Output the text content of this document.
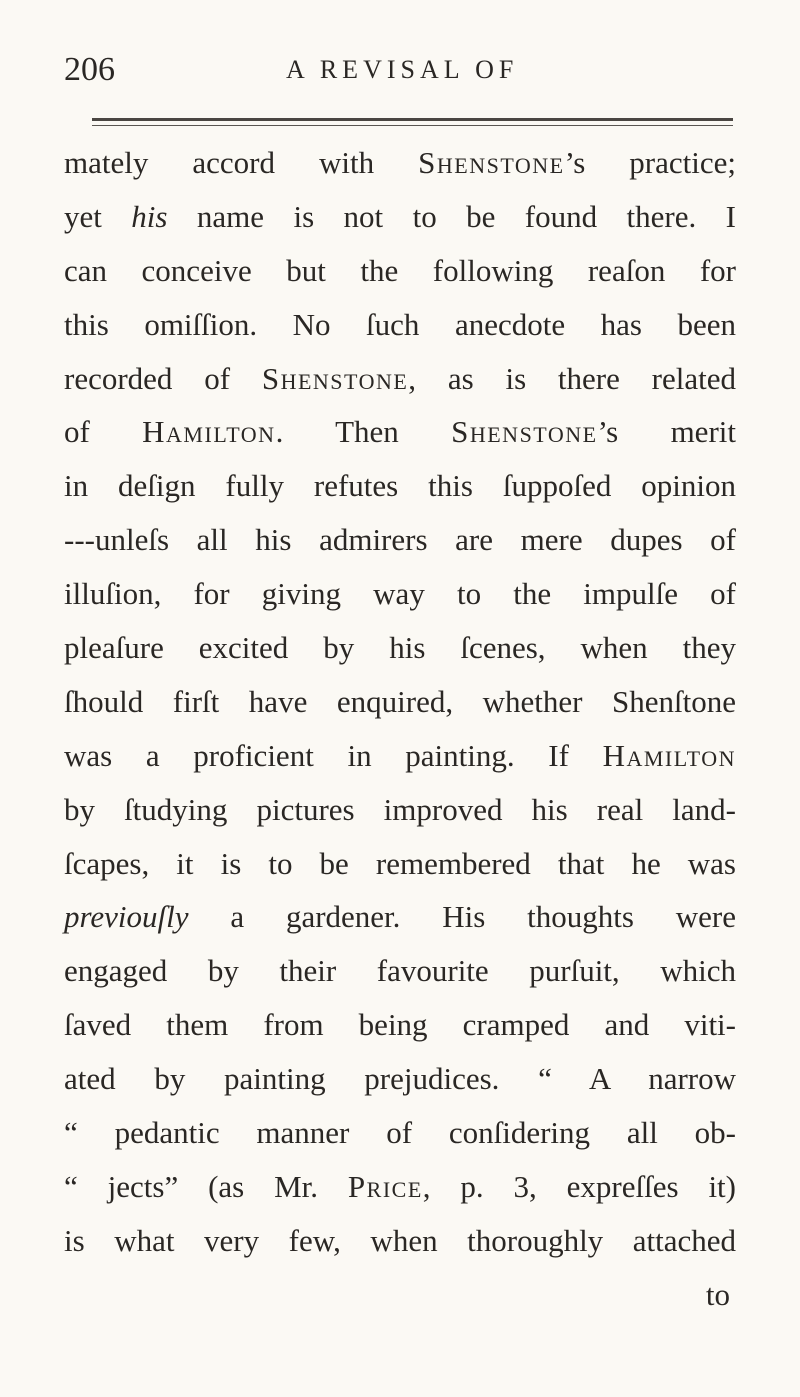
206	A REVISAL OF
mately accord with Shenstone’s practice;
yet his name is not to be found there. I
can conceive but the following reaſon for
this omiſſion. No ſuch anecdote has been
recorded of Shenstone, as is there related
of Hamilton. Then Shenstone’s merit
in deſign fully refutes this ſuppoſed opinion
---unleſs all his admirers are mere dupes of
illuſion, for giving way to the impulſe of
pleaſure excited by his ſcenes, when they
ſhould firſt have enquired, whether Shenſtone
was a proficient in painting. If Hamilton
by ſtudying pictures improved his real land-
ſcapes, it is to be remembered that he was
previouſly a gardener. His thoughts were
engaged by their favourite purſuit, which
ſaved them from being cramped and viti-
ated by painting prejudices. “ A narrow
“ pedantic manner of conſidering all ob-
“ jects” (as Mr. Price, p. 3, expreſſes it)
is what very few, when thoroughly attached
to
